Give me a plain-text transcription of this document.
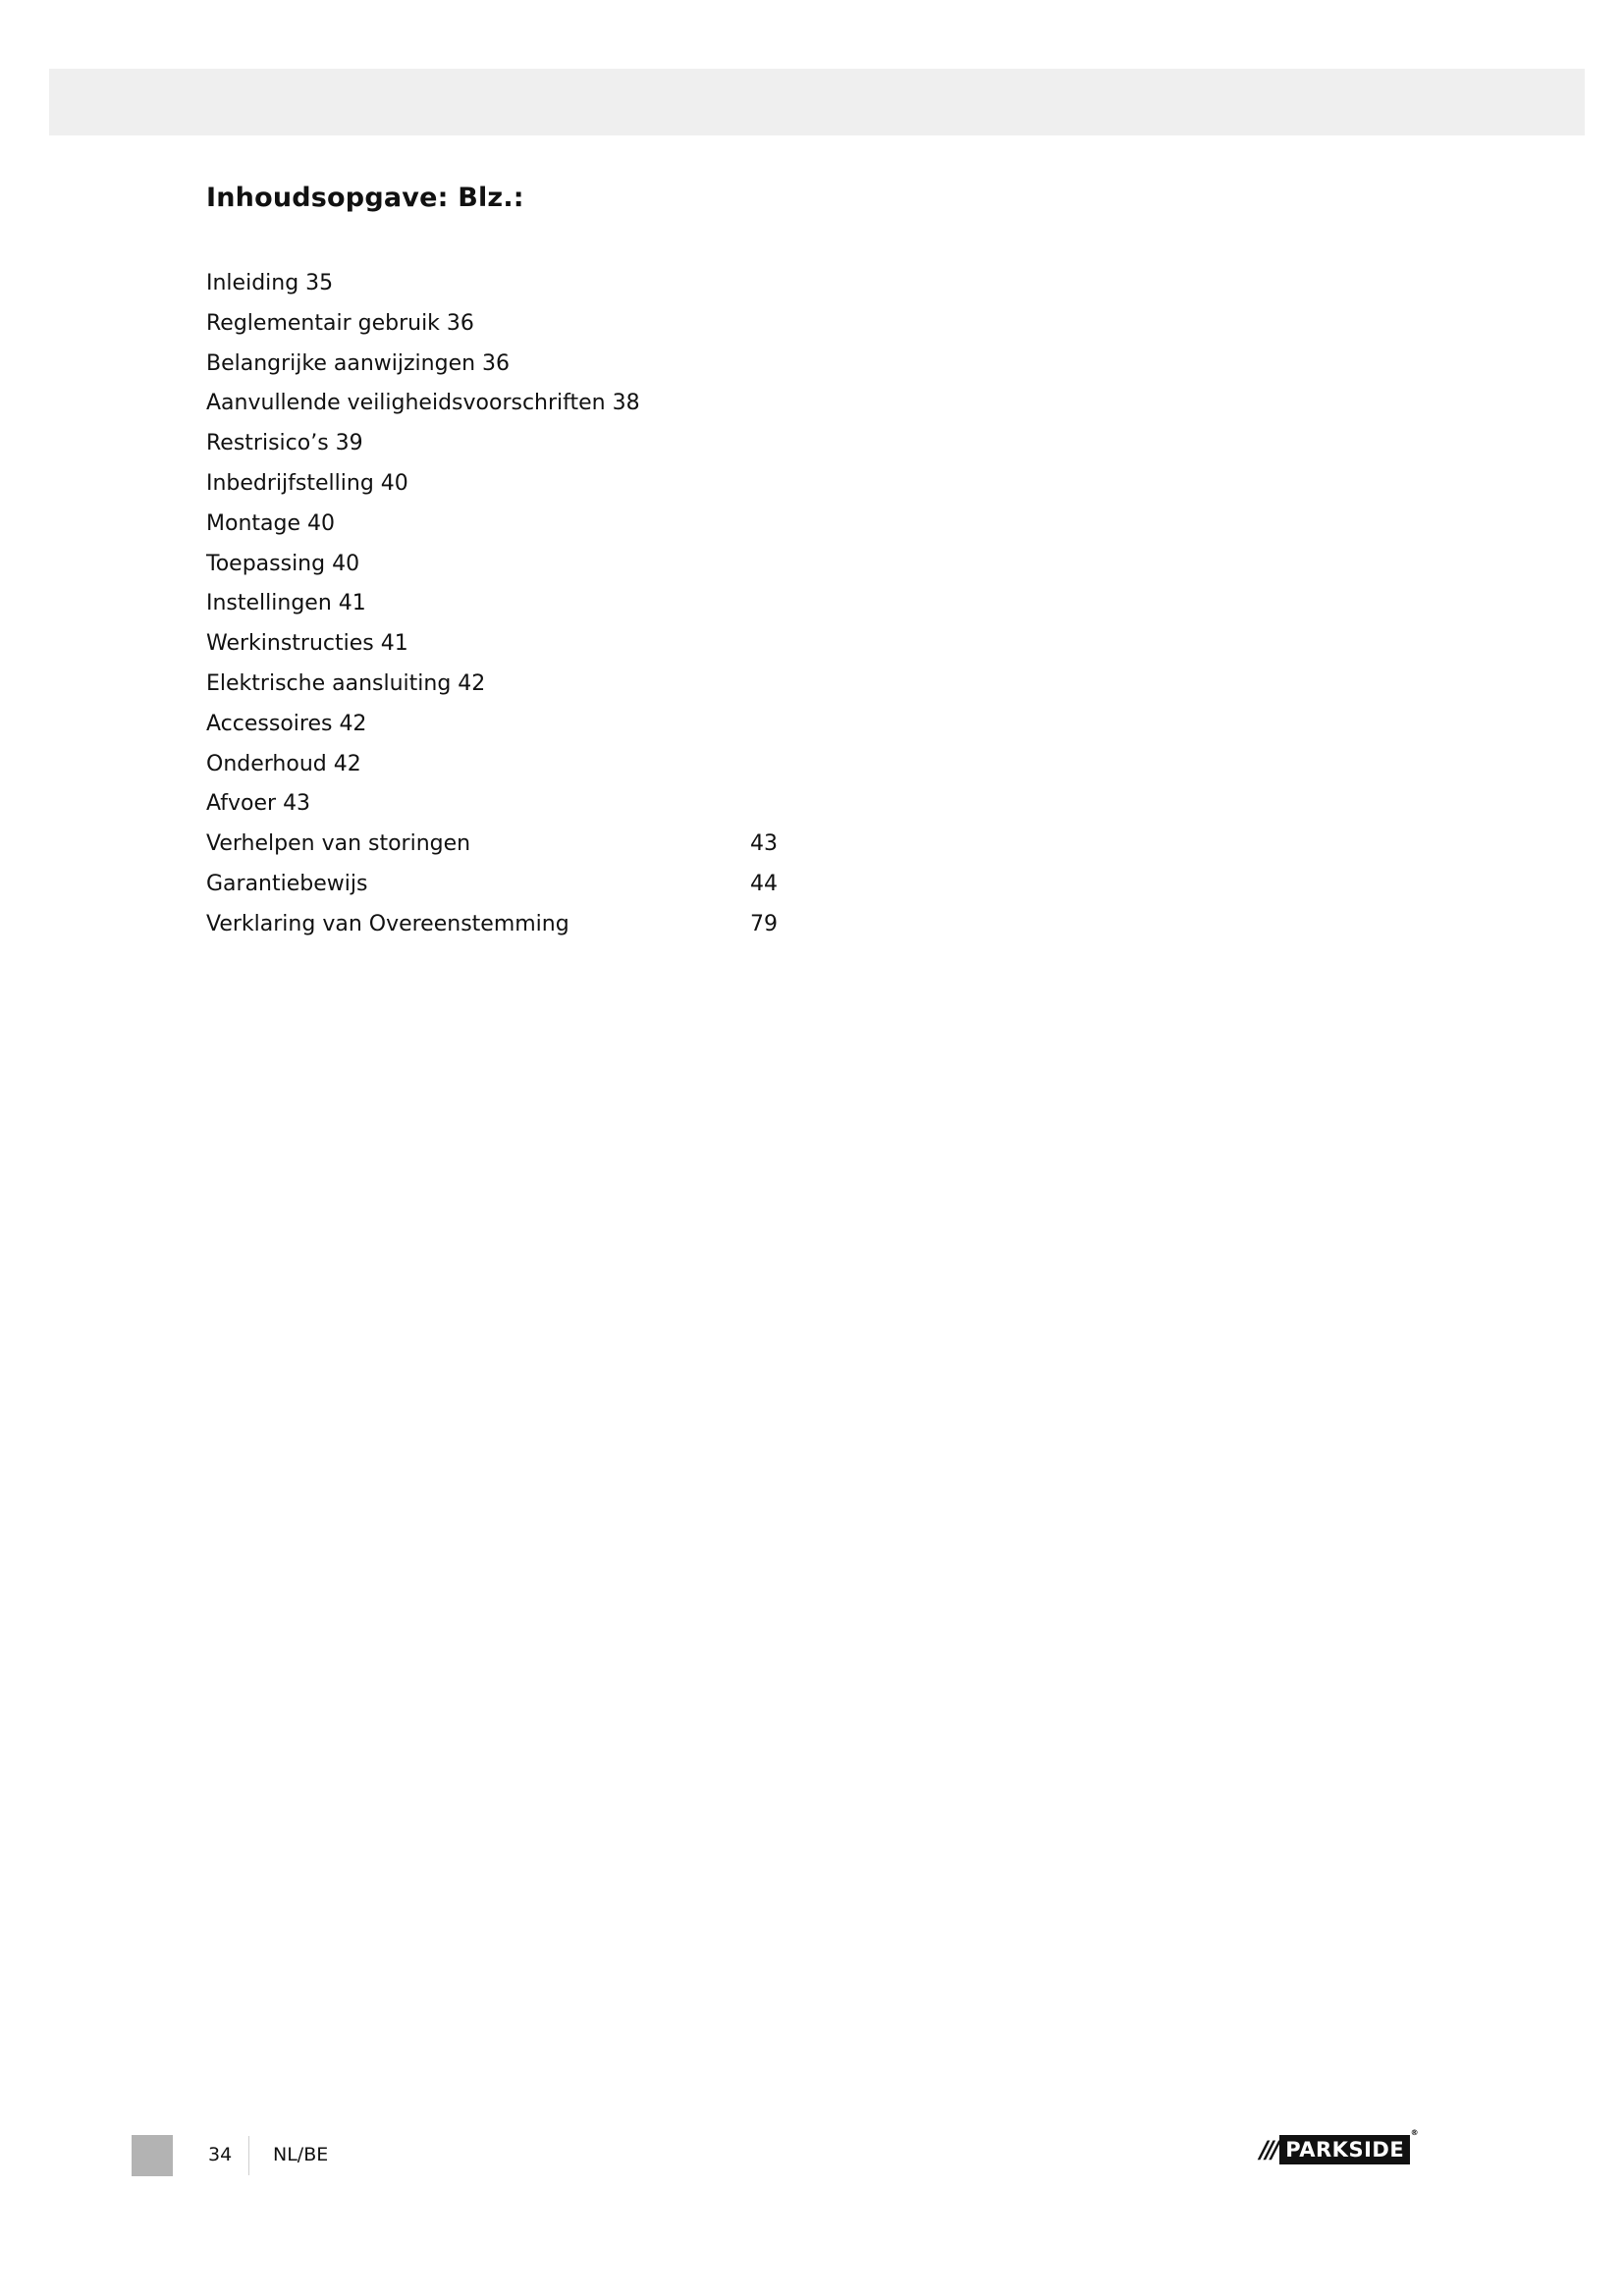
Inhoudsopgave: Blz.:
Inleiding 35
Reglementair gebruik 36
Belangrijke aanwijzingen 36
Aanvullende veiligheidsvoorschriften 38
Restrisico’s 39
Inbedrijfstelling 40
Montage 40
Toepassing 40
Instellingen 41
Werkinstructies 41
Elektrische aansluiting 42
Accessoires 42
Onderhoud 42
Afvoer 43
Verhelpen van storingen	43
Garantiebewijs	44
Verklaring van Overeenstemming	79
34 NL/BE	/// PARKSIDE
®
